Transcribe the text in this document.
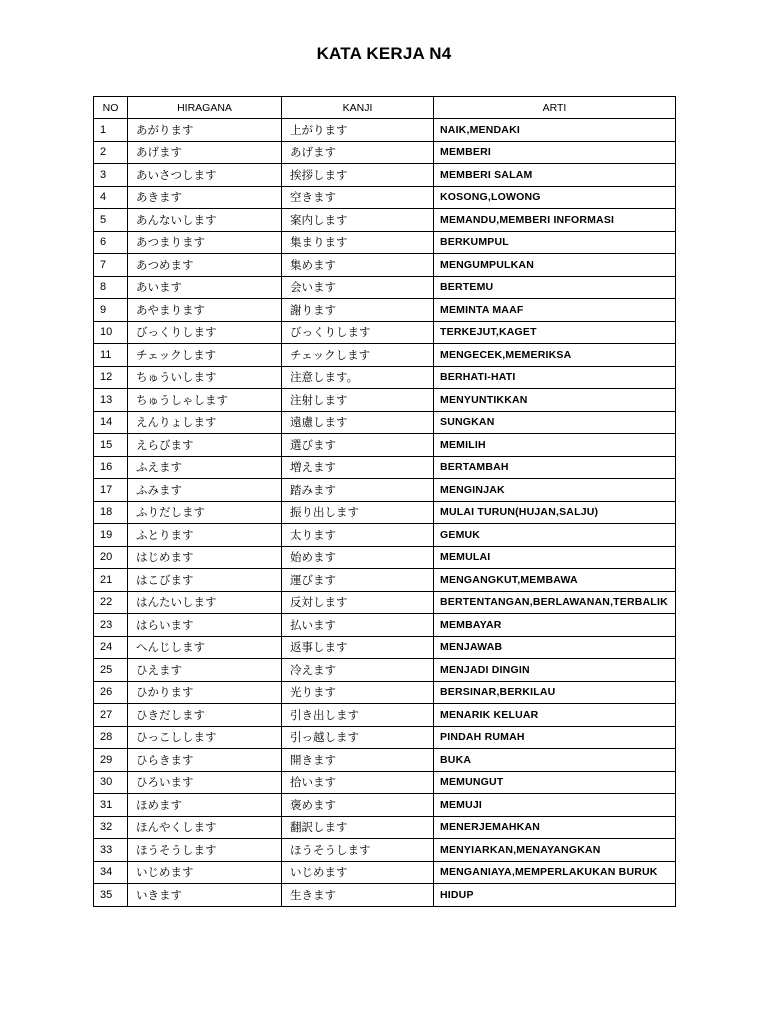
KATA KERJA N4
NO	HIRAGANA	KANJI	ARTI
1	あがります	上がります	NAIK,MENDAKI
2	あげます	あげます	MEMBERI
3	あいさつします	挨拶します	MEMBERI SALAM
4	あきます	空きます	KOSONG,LOWONG
5	あんないします	案内します	MEMANDU,MEMBERI INFORMASI
6	あつまります	集まります	BERKUMPUL
7	あつめます	集めます	MENGUMPULKAN
8	あいます	会います	BERTEMU
9	あやまります	謝ります	MEMINTA MAAF
10	びっくりします	びっくりします	TERKEJUT,KAGET
11	チェックします	チェックします	MENGECEK,MEMERIKSA
12	ちゅういします	注意します。	BERHATI-HATI
13	ちゅうしゃします	注射します	MENYUNTIKKAN
14	えんりょします	遠慮します	SUNGKAN
15	えらびます	選びます	MEMILIH
16	ふえます	増えます	BERTAMBAH
17	ふみます	踏みます	MENGINJAK
18	ふりだします	振り出します	MULAI TURUN(HUJAN,SALJU)
19	ふとります	太ります	GEMUK
20	はじめます	始めます	MEMULAI
21	はこびます	運びます	MENGANGKUT,MEMBAWA
22	はんたいします	反対します	BERTENTANGAN,BERLAWANAN,TERBALIK
23	はらいます	払います	MEMBAYAR
24	へんじします	返事します	MENJAWAB
25	ひえます	冷えます	MENJADI DINGIN
26	ひかります	光ります	BERSINAR,BERKILAU
27	ひきだします	引き出します	MENARIK KELUAR
28	ひっこしします	引っ越します	PINDAH RUMAH
29	ひらきます	開きます	BUKA
30	ひろいます	拾います	MEMUNGUT
31	ほめます	褒めます	MEMUJI
32	ほんやくします	翻訳します	MENERJEMAHKAN
33	ほうそうします	ほうそうします	MENYIARKAN,MENAYANGKAN
34	いじめます	いじめます	MENGANIAYA,MEMPERLAKUKAN BURUK
35	いきます	生きます	HIDUP
